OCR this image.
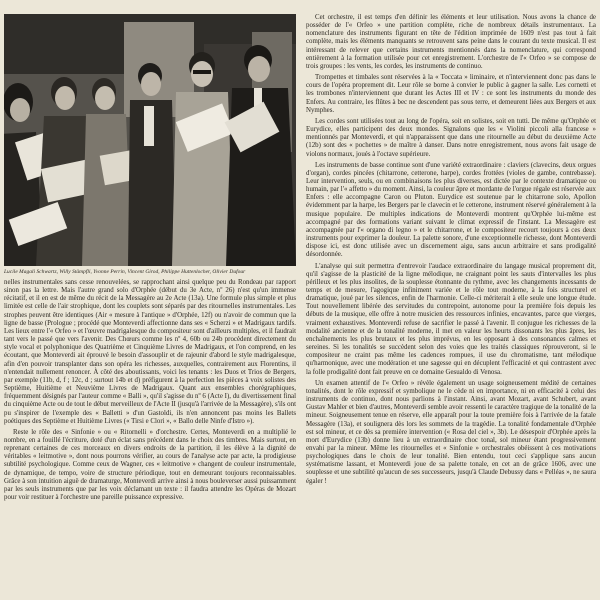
Lucile Magali Schwartz, Willy Stämpfli, Yvonne Perrin, Vincent Girod, Philippe Huttenlocher, Olivier Dufour

nelles instrumentales sans cesse renouvelées, se rapprochant ainsi quelque peu du Rondeau par rapport sinon pas la lettre. Mais l'autre grand solo d'Orphée (début du 3e Acte, nº 26) n'est qu'un immense récitatif, et il en est de même du récit de la Messagère au 2e Acte (13a). Une formule plus simple et plus limitée est celle de l'air strophique, dont les couplets sont séparés par des ritournelles instrumentales. Les strophes peuvent être identiques (Air « mesure à l'antique » d'Orphée, 12f) ou n'avoir de commun que la ligne de basse (Prologue ; procédé que Monteverdi affectionne dans ses « Scherzi » et Madrigaux tardifs. Les lieux entre l'« Orfeo » et l'œuvre madrigalesque du compositeur sont d'ailleurs multiples, et il faudrait tant vers le passé que vers l'avenir. Des Chœurs comme les nº 4, 60b ou 24b procèdent directement du style vocal et polyphonique des Quatrième et Cinquième Livres de Madrigaux, et l'on comprend, en les écoutant, que Monteverdi ait éprouvé le besoin d'assouplir et de rajeunir d'abord le style madrigalesque, afin d'en pouvoir transplanter dans son opéra les richesses, auxquelles, contrairement aux Florentins, il n'entendait nullement renoncer. À côté des aboutissants, voici les tenants : les Duos et Trios de Bergers, par exemple (11b, d, f ; 12c, d ; surtout 14b et d) préfigurent à la perfection les pièces à voix solistes des Septième, Huitième et Neuvième Livres de Madrigaux. Quant aux ensembles chorégraphiques, fréquemment désignés par l'auteur comme « Balli », qu'il s'agisse du nº 6 (Acte I), du divertissement final du cinquième Acte ou de tout le début merveilleux de l'Acte II (jusqu'à l'arrivée de la Messagère), s'ils ont pu s'inspirer de l'exemple des « Balletti » d'un Gastoldi, ils n'en annoncent pas moins les Ballets poétiques des Septième et Huitième Livres (« Tirsi e Clori », « Ballo delle Ninfe d'Istro »).

Reste le rôle des « Sinfonie » ou « Ritornelli » d'orchestre. Certes, Monteverdi en a multiplié le nombre, en a fouillé l'écriture, doté d'un éclat sans précédent dans le choix des timbres. Mais surtout, en reprenant certaines de ces morceaux en divers endroits de la partition, il les élève à la dignité de véritables « leitmotive », dont nous pourrons vérifier, au cours de l'analyse acte par acte, la prodigieuse subtilité psychologique. Comme ceux de Wagner, ces « leitmotive » changent de couleur instrumentale, de dynamique, de tempo, voire de structure périodique, tout en demeurant toujours reconnaissables. Grâce à son intuition aiguë de dramaturge, Monteverdi arrive ainsi à nous bouleverser aussi puissamment par les seuls instruments que par les voix déclamant un texte : il faudra attendre les Opéras de Mozart pour voir restituer à l'orchestre une pareille puissance expressive.

Cet orchestre, il est temps d'en définir les éléments et leur utilisation. Nous avons la chance de posséder de l'« Orfeo » une partition complète, riche de nombreux détails instrumentaux. La nomenclature des instruments figurant en tête de l'édition imprimée de 1609 n'est pas tout à fait complète, mais les éléments manquants se retrouvent sans peine dans le courant du texte musical. Il est intéressant de relever que certains instruments mentionnés dans la nomenclature, qui correspond entièrement à la formation utilisée pour cet enregistrement. L'orchestre de l'« Orfeo » se compose de trois groupes : les vents, les cordes, les instruments de continuo.

Trompettes et timbales sont réservées à la « Toccata » liminaire, et n'interviennent donc pas dans le cours de l'opéra proprement dit. Leur rôle se borne à convier le public à gagner la salle. Les cornetti et les trombones n'interviennent que durant les Actes III et IV : ce sont les instruments du monde des Enfers. Au contraire, les flûtes à bec ne descendent pas sous terre, et demeurent liées aux Bergers et aux Nymphes.

Les cordes sont utilisées tout au long de l'opéra, soit en solistes, soit en tutti. De même qu'Orphée et Eurydice, elles participent des deux mondes. Signalons que les « Violini piccoli alla francese » mentionnés par Monteverdi, et qui n'apparaissent que dans une ritournelle au début du deuxième Acte (12b) sont des « pochettes » de maître à danser. Dans notre enregistrement, nous avons fait usage de violons normaux, joués à l'octave supérieure.

Les instruments de basse continue sont d'une variété extraordinaire : claviers (clavecins, deux orgues d'organ), cordes pincées (chitarrone, cetterone, harpe), cordes frottées (violes de gambe, contrebasse). Leur intervention, seuls, ou en combinaisons les plus diverses, est dictée par le contexte dramatique ou humain, par l'« affetto » du moment. Ainsi, la couleur âpre et mordante de l'orgue régale est réservée aux Enfers : elle accompagne Caron ou Pluton. Eurydice est soutenue par le chitarrone solo, Apollon évidemment par la harpe, les Bergers par le clavecin et le cetterone, instrument réservé généralement à la musique populaire. De multiples indications de Monteverdi montrent qu'Orphée lui-même est accompagné par des formations variant suivant le climat expressif de l'instant. La Messagère est accompagnée par l'« organo di legno » et le chitarrone, et le compositeur recourt toujours à ces deux instruments pour exprimer la douleur. La palette sonore, d'une exceptionnelle richesse, dont Monteverdi dispose ici, est donc utilisée avec un discernement aigu, sans aucun arbitraire et sans prodigalité désordonnée.

L'analyse qui suit permettra d'entrevoir l'audace extraordinaire du langage musical proprement dit, qu'il s'agisse de la plasticité de la ligne mélodique, ne craignant point les sauts d'intervalles les plus périlleux et les plus insolites, de la souplesse étonnante du rythme, avec les changements incessants de temps et de mesure, l'agogique infiniment variée et le rôle tout moderne, à la fois structurel et dramatique, joué par les silences, enfin de l'harmonie. Celle-ci mériterait à elle seule une longue étude. Tout nouvellement libérée des servitudes du contrepoint, autonome pour la première fois depuis les débuts de la musique, elle offre à notre musicien des ressources infinies, encavantes, parce que vierges, vraiment exhaustives. Monteverdi refuse de sacrifier le passé à l'avenir. Il conjugue les richesses de la modalité ancienne et de la tonalité moderne, il met en valeur les heurts dissonants les plus âpres, les enchaînements les plus brutaux et les plus imprévus, en les opposant à des consonances calmes et sereines. Si les tonalités se succèdent selon des voies que les traités classiques réprouveront, si le compositeur ne craint pas même les cadences rompues, il use du chromatisme, tant mélodique qu'harmonique, avec une modération et une sagesse qui en décuplent l'efficacité et qui contrastent avec la folle prodigalité dont fait preuve en ce domaine Gesualdo di Venosa.

Un examen attentif de l'« Orfeo » révèle également un usage soigneusement médité de certaines tonalités, dont le rôle expressif et symbolique ne le cède ni en importance, ni en efficacité à celui des instruments de continuo, dont nous parlions à l'instant. Ainsi, avant Mozart, avant Schubert, avant Gustav Mahler et bien d'autres, Monteverdi semble avoir ressenti le caractère tragique de la tonalité de la mineur. Soigneusement tenue en réserve, elle apparaît pour la toute première fois à l'arrivée de la fatale Messagère (13a), et soulignera dès lors les sommets de la tragédie. La tonalité fondamentale d'Orphée est sol mineur, et ce dès sa première intervention (« Rosa del ciel », 3b). Le désespoir d'Orphée après la mort d'Eurydice (13b) donne lieu à un extraordinaire choc tonal, sol mineur étant progressivement envahi par la mineur. Même les ritournelles et « Sinfonie » orchestrales obéissent à ces motivations psychologiques dans le choix de leur tonalité. Bien entendu, tout ceci s'applique sans aucun systématisme lassant, et Monteverdi joue de sa palette tonale, en cet an de grâce 1606, avec une souplesse et une subtilité qu'aucun de ses successeurs, jusqu'à Claude Debussy dans « Pelléas », ne saura égaler !
